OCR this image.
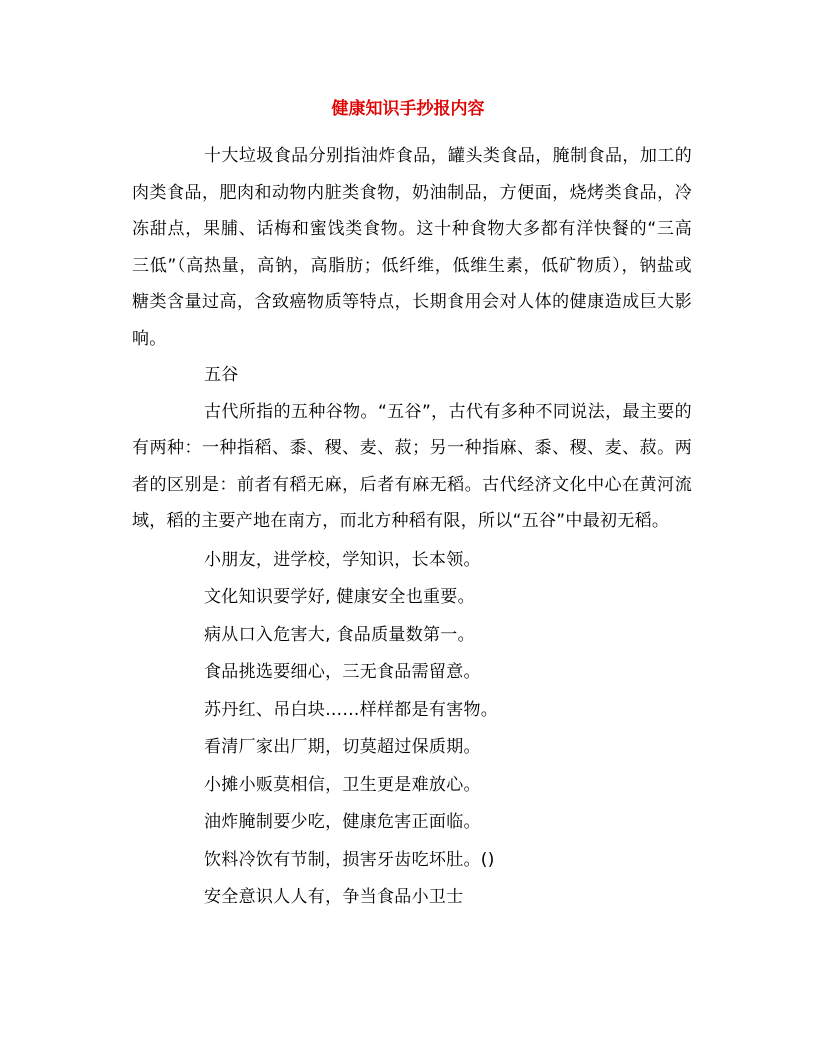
健康知识手抄报内容

十大垃圾食品分别指油炸食品，罐头类食品，腌制食品，加工的肉类食品，肥肉和动物内脏类食物，奶油制品，方便面，烧烤类食品，冷冻甜点，果脯、话梅和蜜饯类食物。这十种食物大多都有洋快餐的“三高三低”（高热量，高钠，高脂肪；低纤维，低维生素，低矿物质），钠盐或糖类含量过高，含致癌物质等特点，长期食用会对人体的健康造成巨大影响。

五谷

古代所指的五种谷物。“五谷”，古代有多种不同说法，最主要的有两种：一种指稻、黍、稷、麦、菽；另一种指麻、黍、稷、麦、菽。两者的区别是：前者有稻无麻，后者有麻无稻。古代经济文化中心在黄河流域，稻的主要产地在南方，而北方种稻有限，所以“五谷”中最初无稻。

小朋友，进学校，学知识，长本领。
文化知识要学好, 健康安全也重要。
病从口入危害大, 食品质量数第一。
食品挑选要细心，三无食品需留意。
苏丹红、吊白块……样样都是有害物。
看清厂家出厂期，切莫超过保质期。
小摊小贩莫相信，卫生更是难放心。
油炸腌制要少吃，健康危害正面临。
饮料冷饮有节制，损害牙齿吃坏肚。()
安全意识人人有，争当食品小卫士
